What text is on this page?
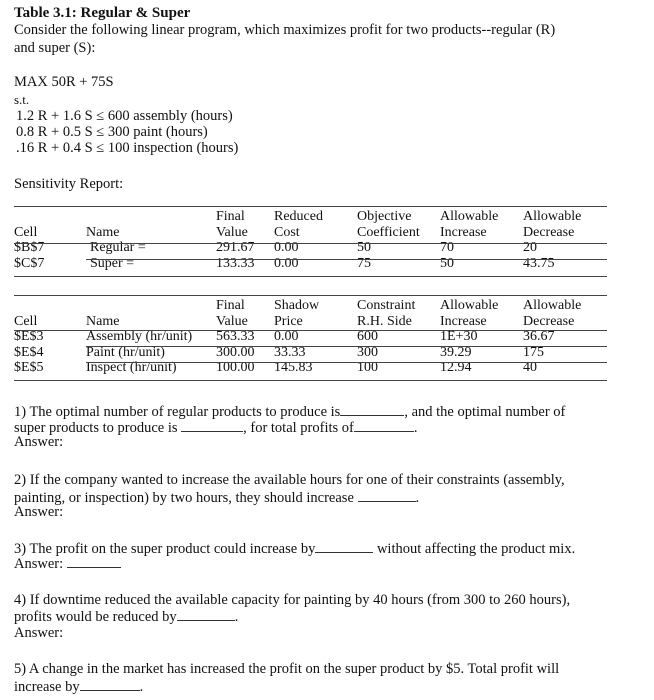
Table 3.1: Regular & Super
Consider the following linear program, which maximizes profit for two products--regular (R)
and super (S):
MAX 50R + 75S
s.t.
1.2 R + 1.6 S ≤ 600 assembly (hours)
0.8 R + 0.5 S ≤ 300 paint (hours)
.16 R + 0.4 S ≤ 100 inspection (hours)
Sensitivity Report:
		Final	Reduced	Objective	Allowable	Allowable
Cell	Name	Value	Cost	Coefficient	Increase	Decrease
$B$7	Regular =	291.67	0.00	50	70	20
$C$7	Super =	133.33	0.00	75	50	43.75
		Final	Shadow	Constraint	Allowable	Allowable
Cell	Name	Value	Price	R.H. Side	Increase	Decrease
$E$3	Assembly (hr/unit)	563.33	0.00	600	1E+30	36.67
$E$4	Paint (hr/unit)	300.00	33.33	300	39.29	175
$E$5	Inspect (hr/unit)	100.00	145.83	100	12.94	40
1) The optimal number of regular products to produce is	, and the optimal number of
super products to produce is	, for total profits of	.
Answer:
2) If the company wanted to increase the available hours for one of their constraints (assembly,
painting, or inspection) by two hours, they should increase	.
Answer:
3) The profit on the super product could increase by	without affecting the product mix.
Answer:
4) If downtime reduced the available capacity for painting by 40 hours (from 300 to 260 hours),
profits would be reduced by	.
Answer:
5) A change in the market has increased the profit on the super product by $5. Total profit will
increase by	.
